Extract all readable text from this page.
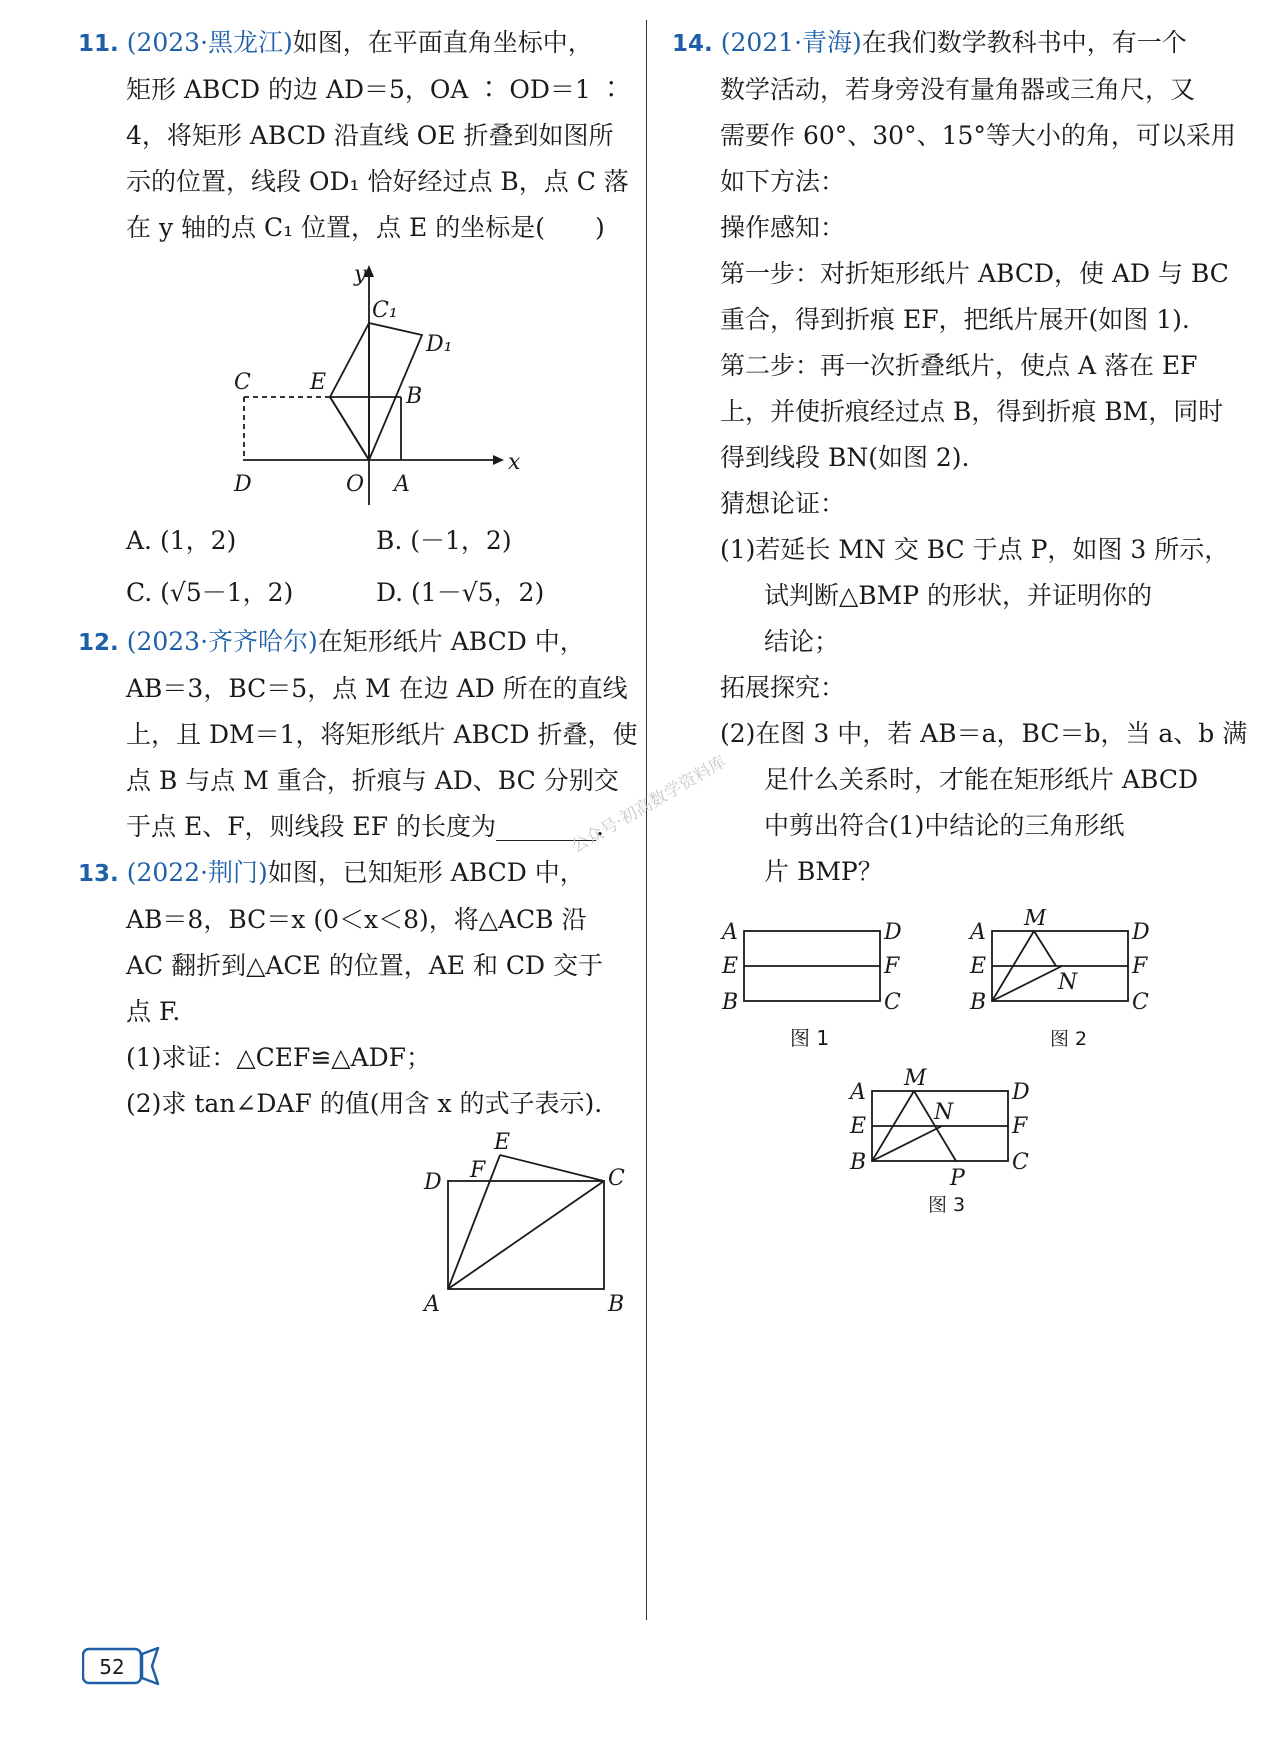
11. (2023·黑龙江)如图，在平面直角坐标中，
矩形 ABCD 的边 AD＝5，OA ∶ OD＝1 ∶
4，将矩形 ABCD 沿直线 OE 折叠到如图所
示的位置，线段 OD₁ 恰好经过点 B，点 C 落
在 y 轴的点 C₁ 位置，点 E 的坐标是(　　)
y
x
C₁
D₁
C	E
B
D	O A
A. (1，2)	B. (－1，2)
C. (√5－1，2)	D. (1－√5，2)
12. (2023·齐齐哈尔)在矩形纸片 ABCD 中，
AB＝3，BC＝5，点 M 在边 AD 所在的直线
上，且 DM＝1，将矩形纸片 ABCD 折叠，使
点 B 与点 M 重合，折痕与 AD、BC 分别交
于点 E、F，则线段 EF 的长度为________.
13. (2022·荆门)如图，已知矩形 ABCD 中，
AB＝8，BC＝x (0＜x＜8)，将△ACB 沿
AC 翻折到△ACE 的位置，AE 和 CD 交于
点 F.
(1)求证：△CEF≌△ADF；
(2)求 tan∠DAF 的值(用含 x 的式子表示).
E
F
D	C
A	B
14. (2021·青海)在我们数学教科书中，有一个
数学活动，若身旁没有量角器或三角尺，又
需要作 60°、30°、15°等大小的角，可以采用
如下方法：
操作感知：
第一步：对折矩形纸片 ABCD，使 AD 与 BC
重合，得到折痕 EF，把纸片展开(如图 1).
第二步：再一次折叠纸片，使点 A 落在 EF
上，并使折痕经过点 B，得到折痕 BM，同时
得到线段 BN(如图 2).
猜想论证：
(1)若延长 MN 交 BC 于点 P，如图 3 所示，
试判断△BMP 的形状，并证明你的
结论；
拓展探究：
(2)在图 3 中，若 AB＝a，BC＝b，当 a、b 满
足什么关系时，才能在矩形纸片 ABCD
中剪出符合(1)中结论的三角形纸
片 BMP？
A	D
E	F
B	C
图 1
M
A	D
E	F
N
B	C
图 2
M
A	D
N
E	F
B	C
P
图 3
公众号·初高数学资料库
52
